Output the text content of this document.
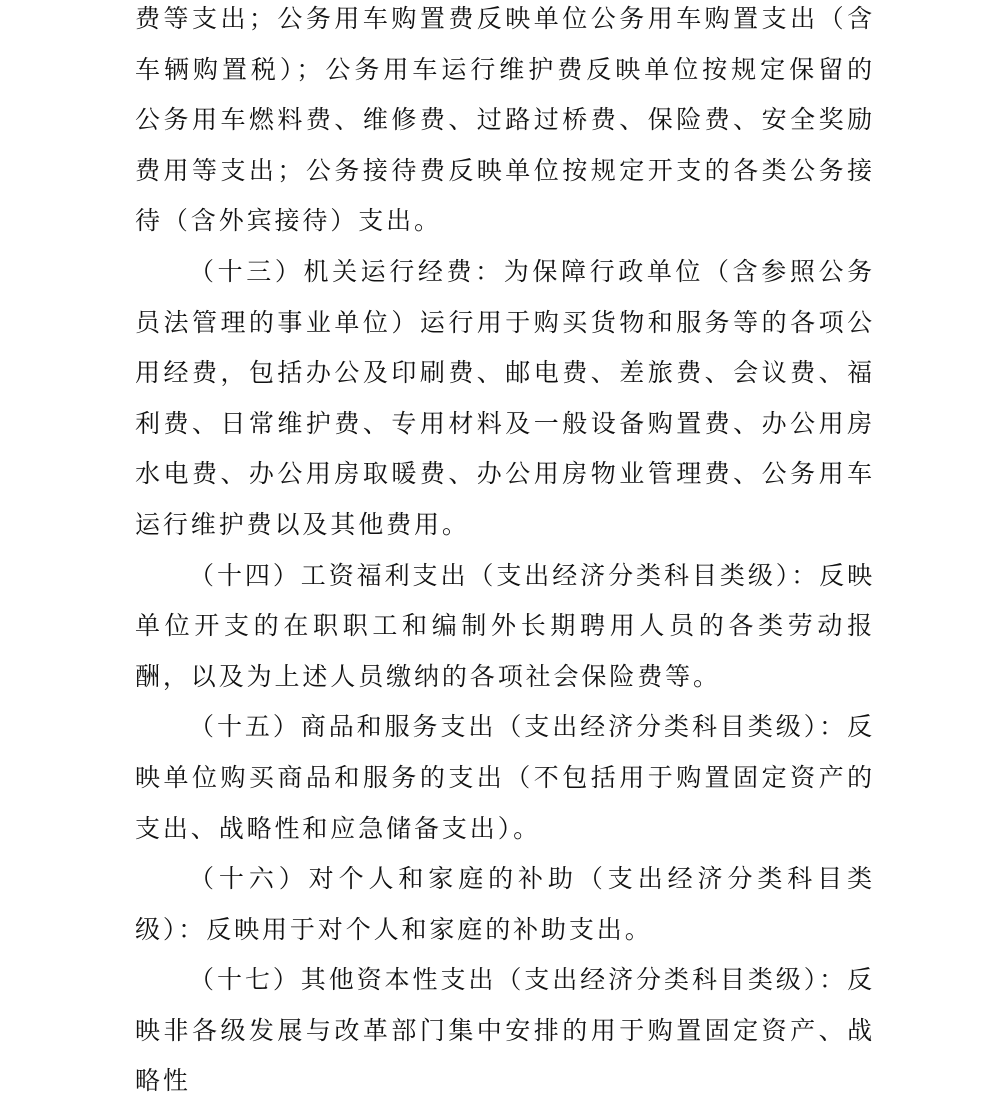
费等支出；公务用车购置费反映单位公务用车购置支出（含车辆购置税）；公务用车运行维护费反映单位按规定保留的公务用车燃料费、维修费、过路过桥费、保险费、安全奖励费用等支出；公务接待费反映单位按规定开支的各类公务接待（含外宾接待）支出。

（十三）机关运行经费：为保障行政单位（含参照公务员法管理的事业单位）运行用于购买货物和服务等的各项公用经费，包括办公及印刷费、邮电费、差旅费、会议费、福利费、日常维护费、专用材料及一般设备购置费、办公用房水电费、办公用房取暖费、办公用房物业管理费、公务用车运行维护费以及其他费用。

（十四）工资福利支出（支出经济分类科目类级）：反映单位开支的在职职工和编制外长期聘用人员的各类劳动报酬，以及为上述人员缴纳的各项社会保险费等。

（十五）商品和服务支出（支出经济分类科目类级）：反映单位购买商品和服务的支出（不包括用于购置固定资产的支出、战略性和应急储备支出）。

（十六）对个人和家庭的补助（支出经济分类科目类级）：反映用于对个人和家庭的补助支出。

（十七）其他资本性支出（支出经济分类科目类级）：反映非各级发展与改革部门集中安排的用于购置固定资产、战略性
